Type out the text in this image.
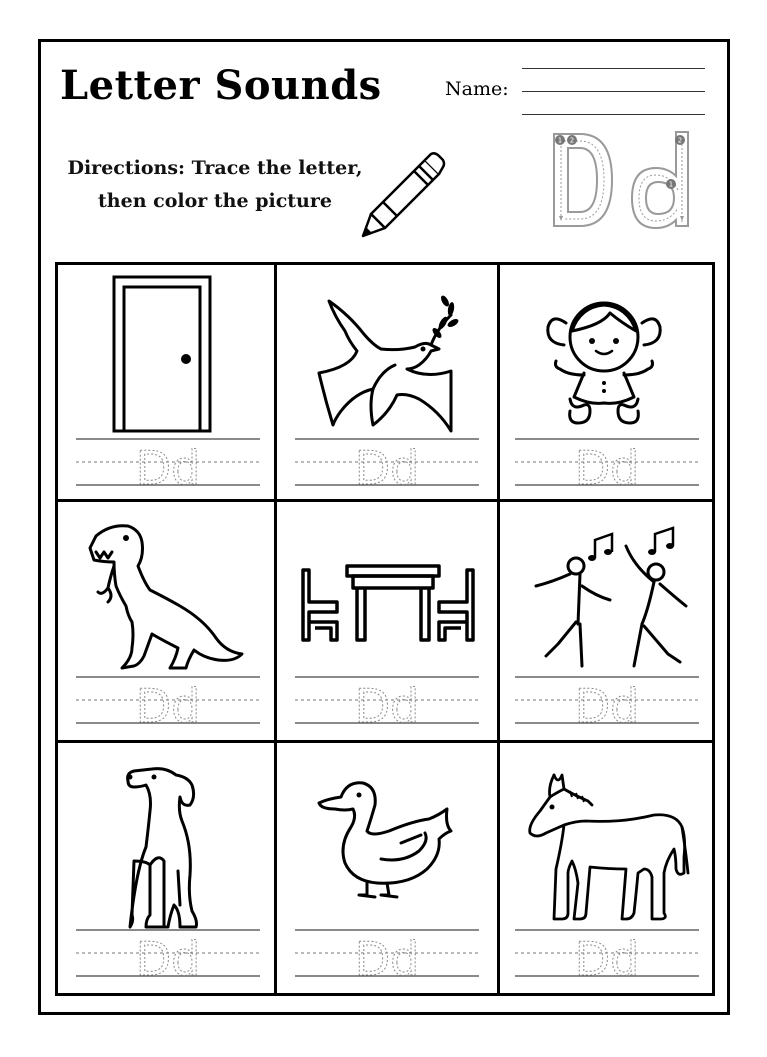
Letter Sounds	Name:
Directions: Trace the letter,
then color the picture
1 2	2
1
Dd	Dd	Dd
Dd	Dd	Dd
Dd	Dd	Dd
